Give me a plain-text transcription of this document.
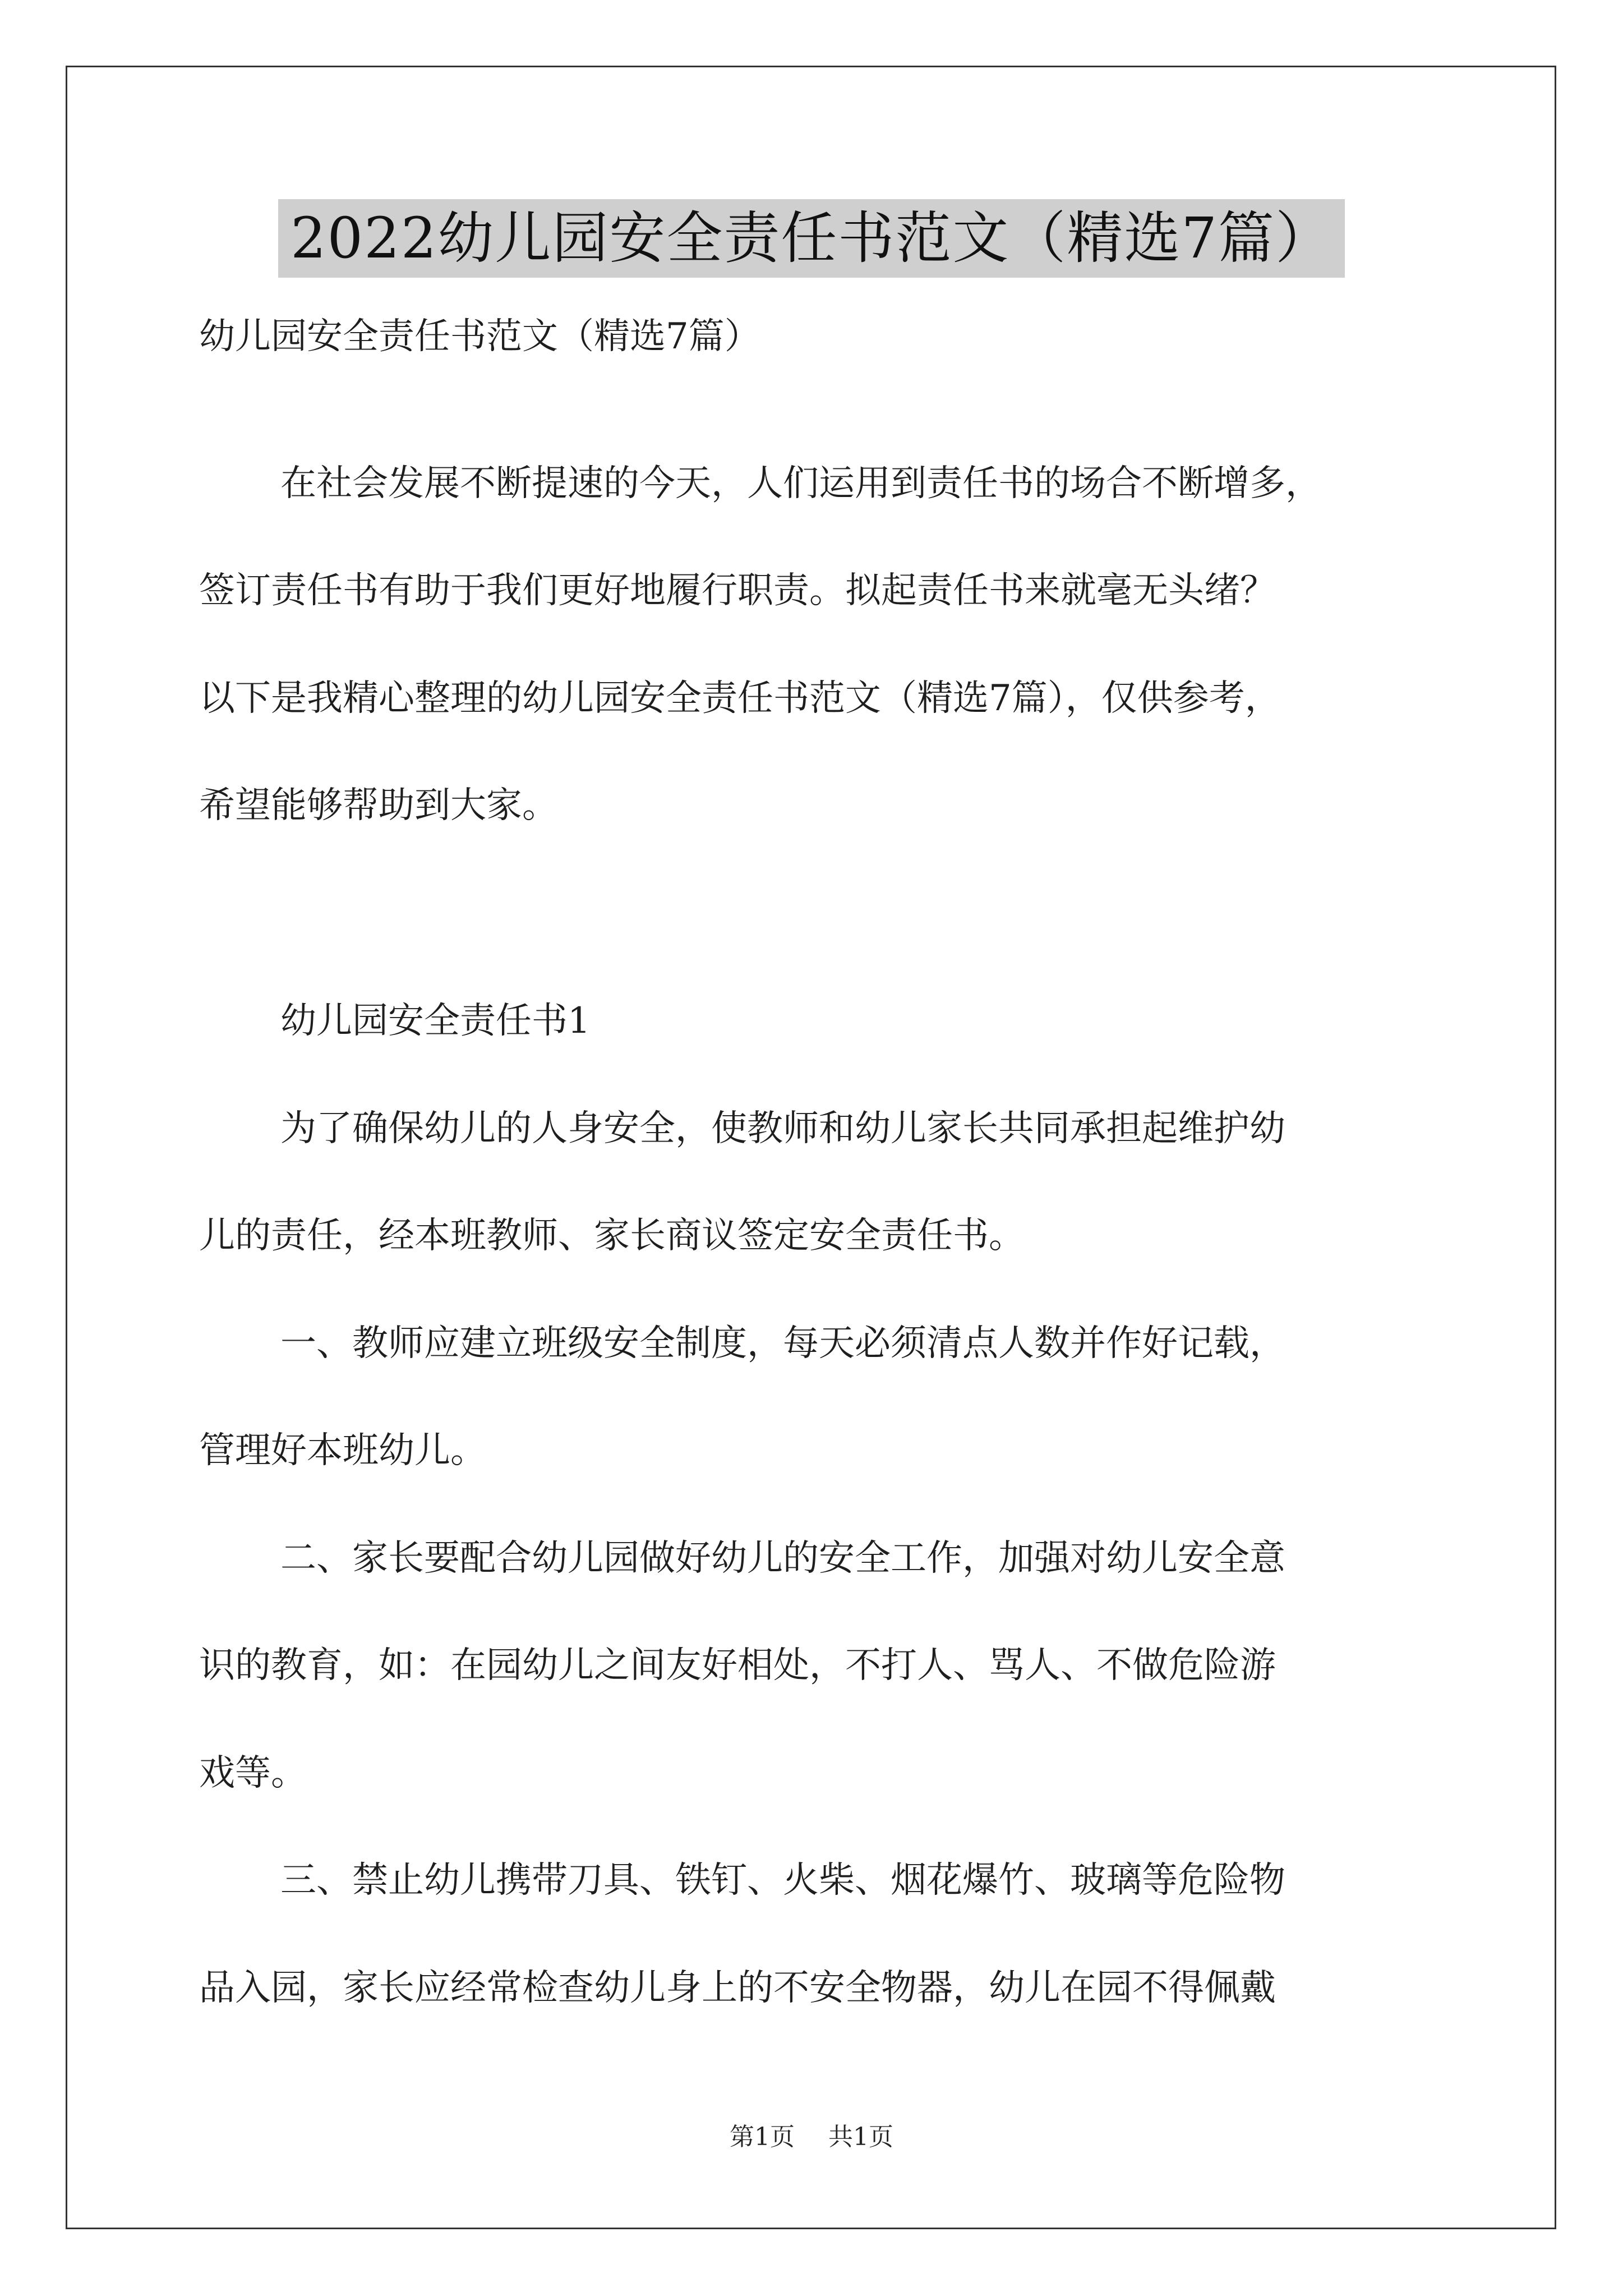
2022幼儿园安全责任书范文（精选7篇）
幼儿园安全责任书范文（精选7篇）
在社会发展不断提速的今天，人们运用到责任书的场合不断增多，
签订责任书有助于我们更好地履行职责。拟起责任书来就毫无头绪？
以下是我精心整理的幼儿园安全责任书范文（精选7篇），仅供参考，
希望能够帮助到大家。
幼儿园安全责任书1
为了确保幼儿的人身安全，使教师和幼儿家长共同承担起维护幼
儿的责任，经本班教师、家长商议签定安全责任书。
一、教师应建立班级安全制度，每天必须清点人数并作好记载，
管理好本班幼儿。
二、家长要配合幼儿园做好幼儿的安全工作，加强对幼儿安全意
识的教育，如：在园幼儿之间友好相处，不打人、骂人、不做危险游
戏等。
三、禁止幼儿携带刀具、铁钉、火柴、烟花爆竹、玻璃等危险物
品入园，家长应经常检查幼儿身上的不安全物器，幼儿在园不得佩戴
第1页 共1页
